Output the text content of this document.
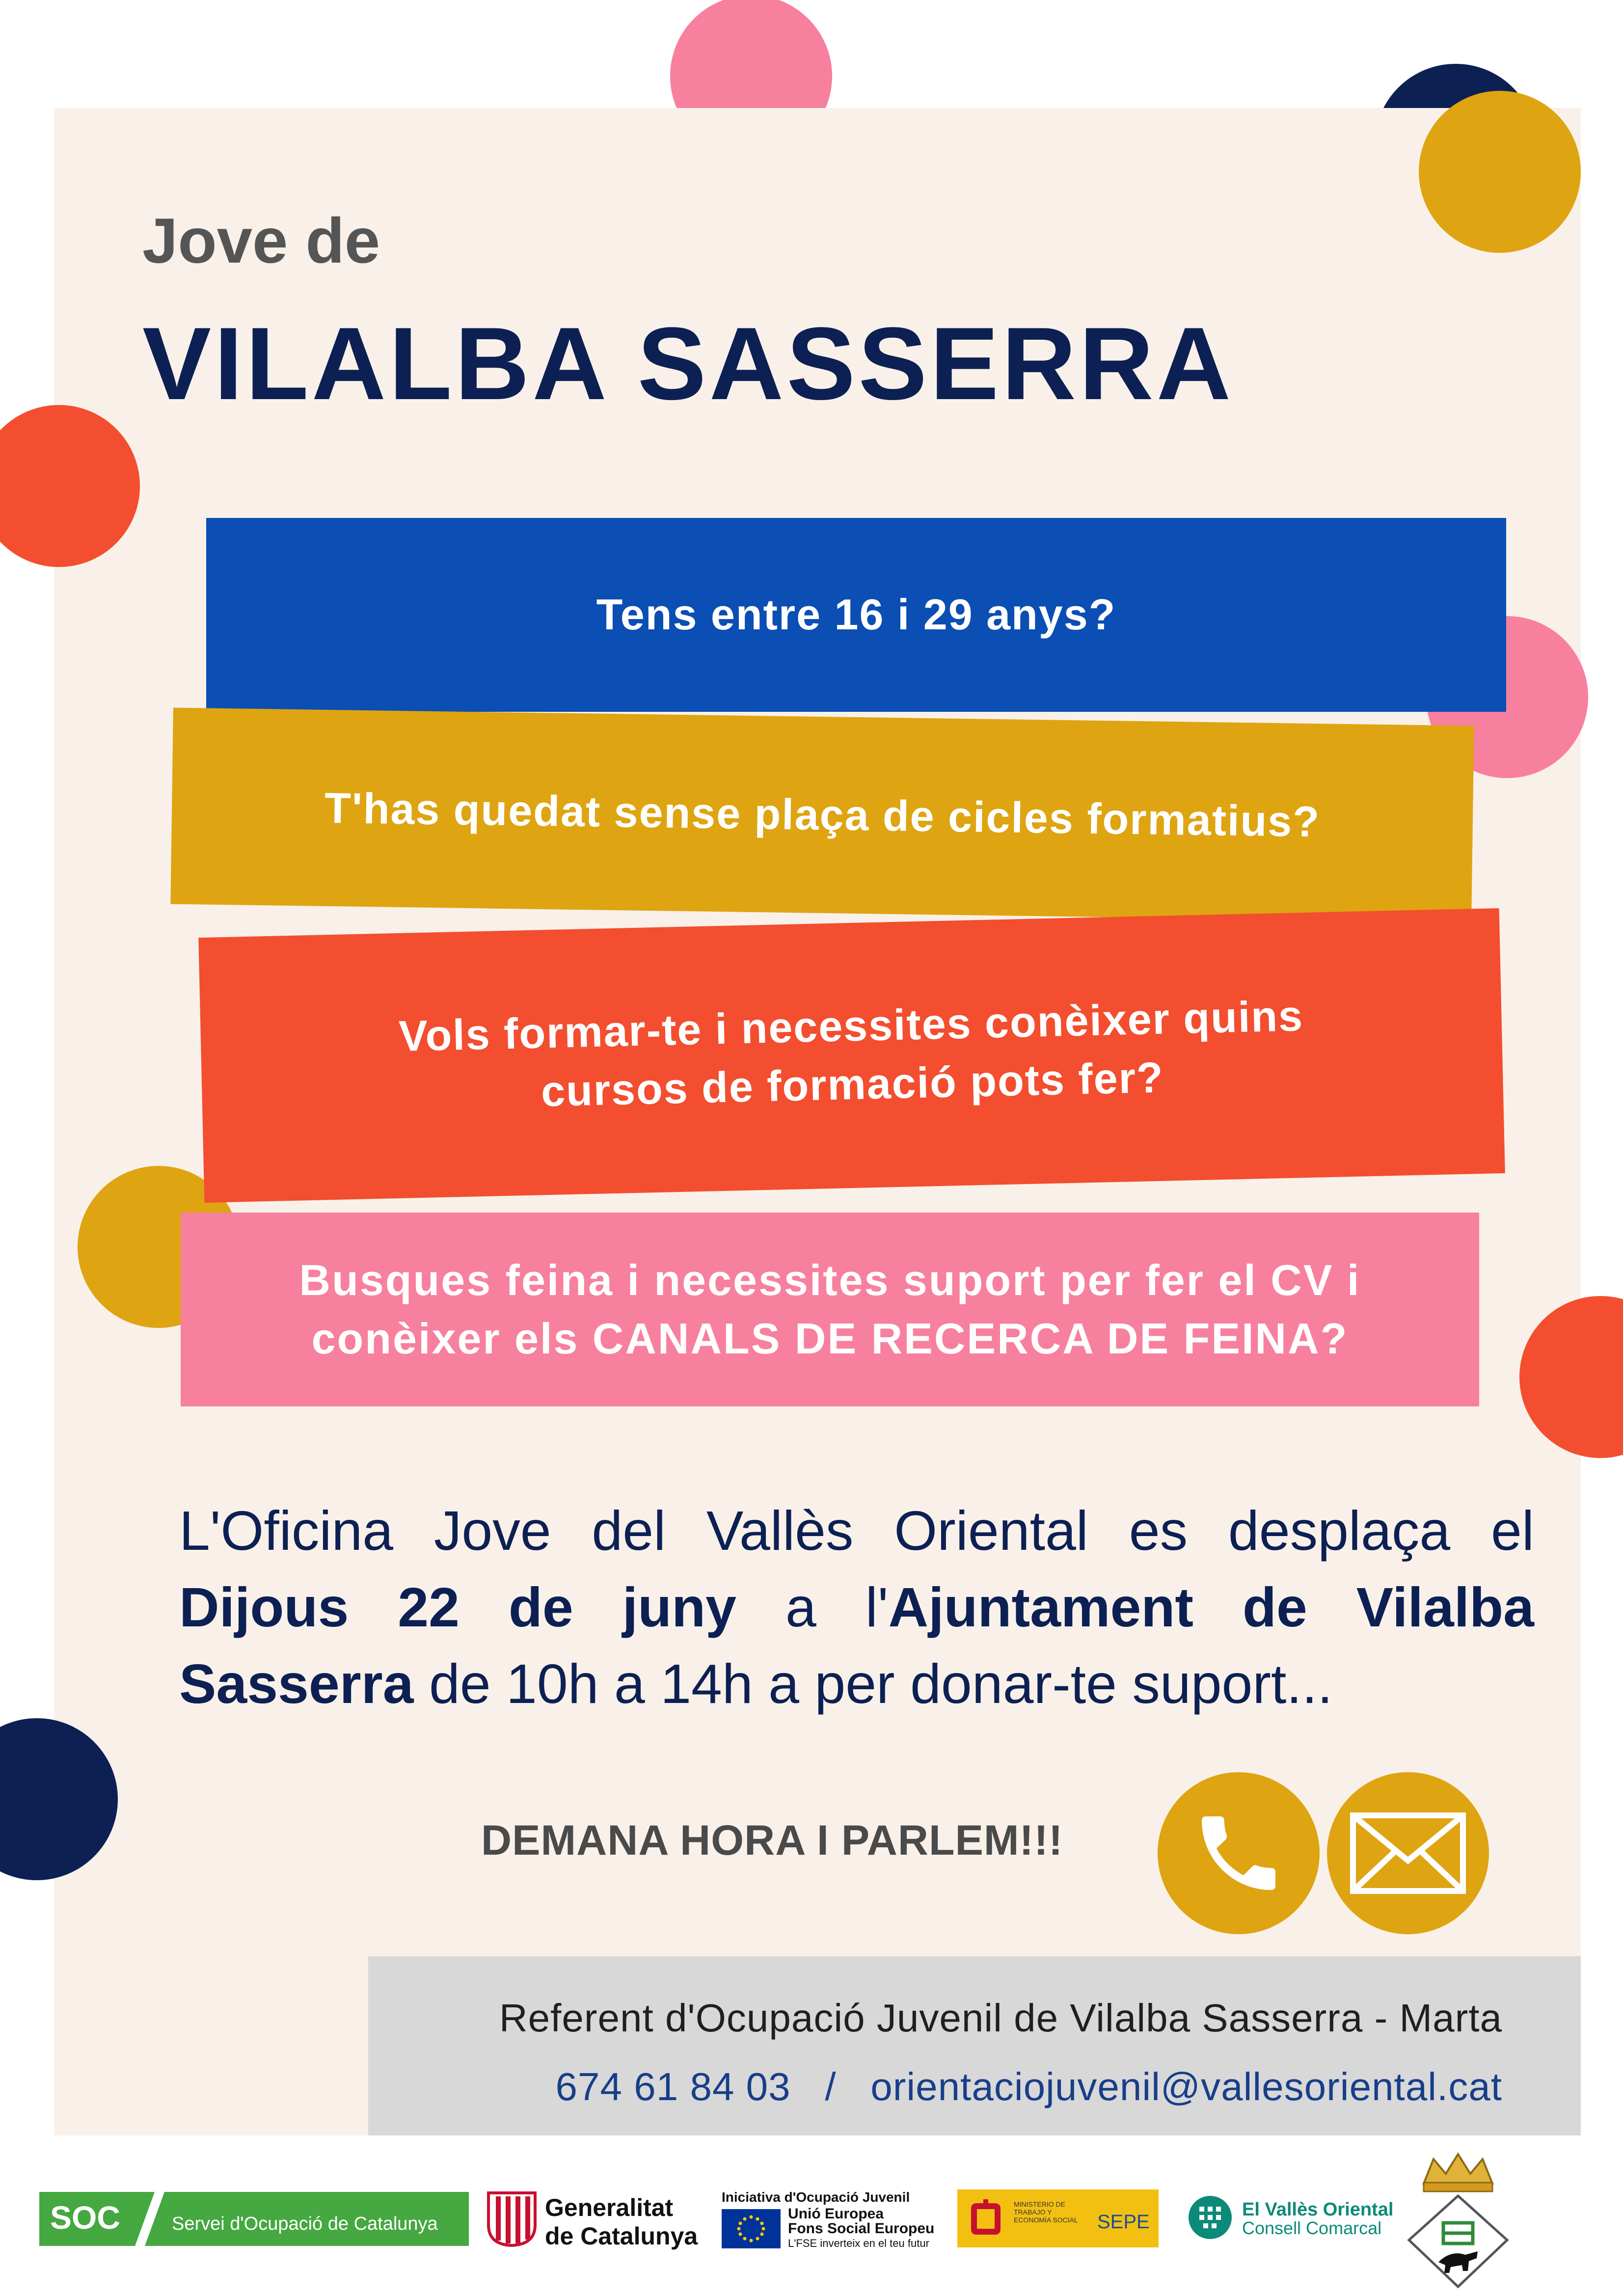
Jove de
VILALBA SASSERRA
Tens entre 16 i 29 anys?
T'has quedat sense plaça de cicles formatius?
Vols formar-te i necessites conèixer quins cursos de formació pots fer?
Busques feina i necessites suport per fer el CV i conèixer els CANALS DE RECERCA DE FEINA?
L'Oficina Jove del Vallès Oriental es desplaça el Dijous 22 de juny a l'Ajuntament de Vilalba Sasserra de 10h a 14h a per donar-te suport...
DEMANA HORA I PARLEM!!!
Referent d'Ocupació Juvenil de Vilalba Sasserra - Marta
674 61 84 03 / orientaciojuvenil@vallesoriental.cat
SOC	Servei d'Ocupació de Catalunya
Generalitat
de Catalunya
Iniciativa d'Ocupació Juvenil
Unió Europea
Fons Social Europeu
L'FSE inverteix en el teu futur
MINISTERIO DE TRABAJO Y ECONOMÍA SOCIAL SEPE
El Vallès Oriental
Consell Comarcal
